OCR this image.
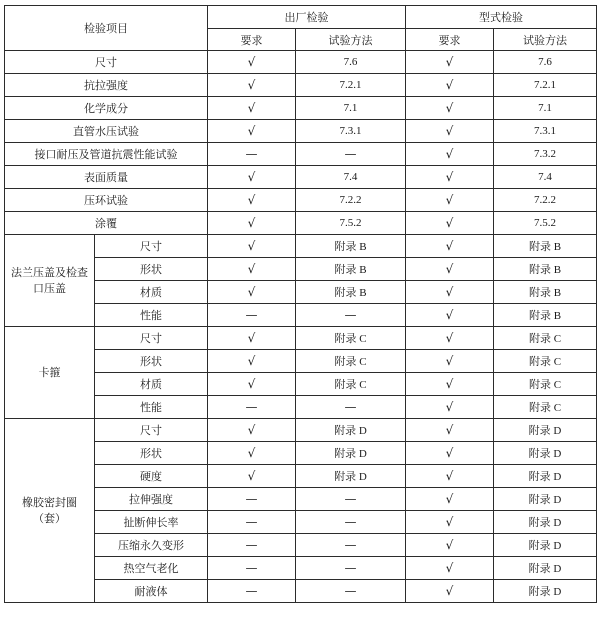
检验项目		出厂检验		型式检验	
		要求	试验方法	要求	试验方法
尺寸		√	7.6	√	7.6
抗拉强度		√	7.2.1	√	7.2.1
化学成分		√	7.1	√	7.1
直管水压试验		√	7.3.1	√	7.3.1
接口耐压及管道抗震性能试验		—	—	√	7.3.2
表面质量		√	7.4	√	7.4
压环试验		√	7.2.2	√	7.2.2
涂覆		√	7.5.2	√	7.5.2
法兰压盖及检查口压盖	尺寸	√	附录 B	√	附录 B
	形状	√	附录 B	√	附录 B
	材质	√	附录 B	√	附录 B
	性能	—	—	√	附录 B
卡箍	尺寸	√	附录 C	√	附录 C
	形状	√	附录 C	√	附录 C
	材质	√	附录 C	√	附录 C
	性能	—	—	√	附录 C
橡胶密封圈（套）	尺寸	√	附录 D	√	附录 D
	形状	√	附录 D	√	附录 D
	硬度	√	附录 D	√	附录 D
	拉伸强度	—	—	√	附录 D
	扯断伸长率	—	—	√	附录 D
	压缩永久变形	—	—	√	附录 D
	热空气老化	—	—	√	附录 D
	耐液体	—	—	√	附录 D
